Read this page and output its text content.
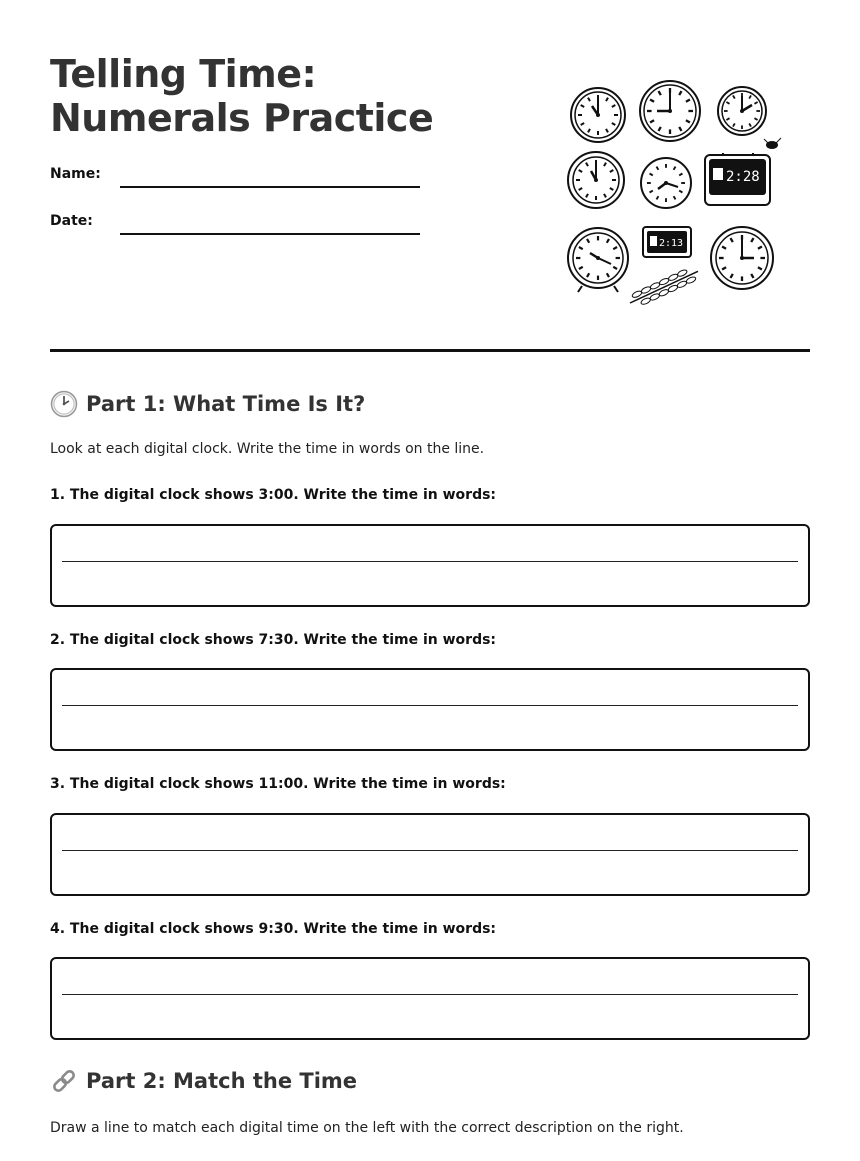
Telling Time: Numerals Practice
Name:
Date:
2:28
2:13
Part 1: What Time Is It?
Look at each digital clock. Write the time in words on the line.
1. The digital clock shows 3:00. Write the time in words:
2. The digital clock shows 7:30. Write the time in words:
3. The digital clock shows 11:00. Write the time in words:
4. The digital clock shows 9:30. Write the time in words:
Part 2: Match the Time
Draw a line to match each digital time on the left with the correct description on the right.
